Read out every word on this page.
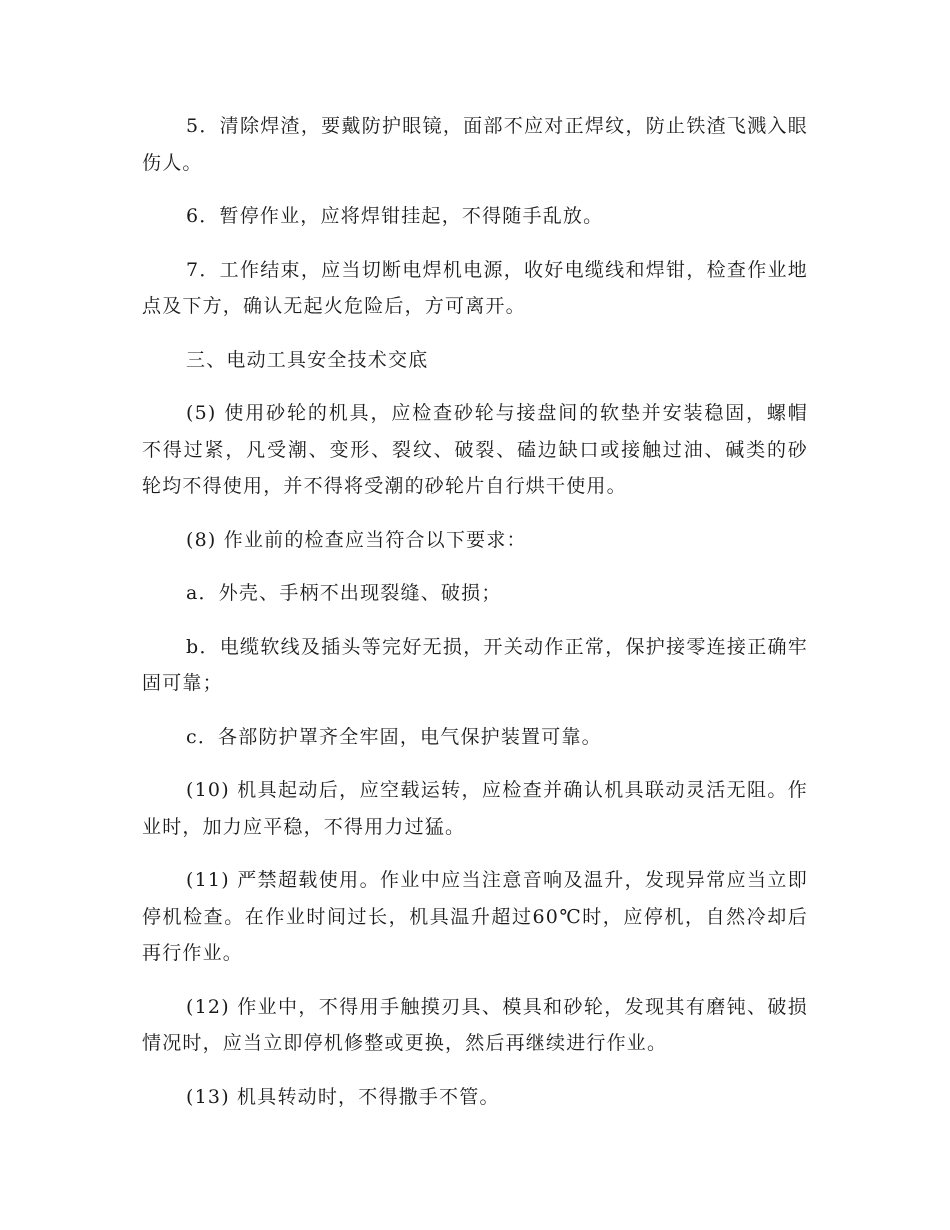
5．清除焊渣，要戴防护眼镜，面部不应对正焊纹，防止铁渣飞溅入眼伤人。

6．暂停作业，应将焊钳挂起，不得随手乱放。

7．工作结束，应当切断电焊机电源，收好电缆线和焊钳，检查作业地点及下方，确认无起火危险后，方可离开。

三、电动工具安全技术交底

(5) 使用砂轮的机具，应检查砂轮与接盘间的软垫并安装稳固，螺帽不得过紧，凡受潮、变形、裂纹、破裂、磕边缺口或接触过油、碱类的砂轮均不得使用，并不得将受潮的砂轮片自行烘干使用。

(8) 作业前的检查应当符合以下要求：

a．外壳、手柄不出现裂缝、破损；

b．电缆软线及插头等完好无损，开关动作正常，保护接零连接正确牢固可靠；

c．各部防护罩齐全牢固，电气保护装置可靠。

(10) 机具起动后，应空载运转，应检查并确认机具联动灵活无阻。作业时，加力应平稳，不得用力过猛。

(11) 严禁超载使用。作业中应当注意音响及温升，发现异常应当立即停机检查。在作业时间过长，机具温升超过60℃时，应停机，自然冷却后再行作业。

(12) 作业中，不得用手触摸刃具、模具和砂轮，发现其有磨钝、破损情况时，应当立即停机修整或更换，然后再继续进行作业。

(13) 机具转动时，不得撒手不管。
